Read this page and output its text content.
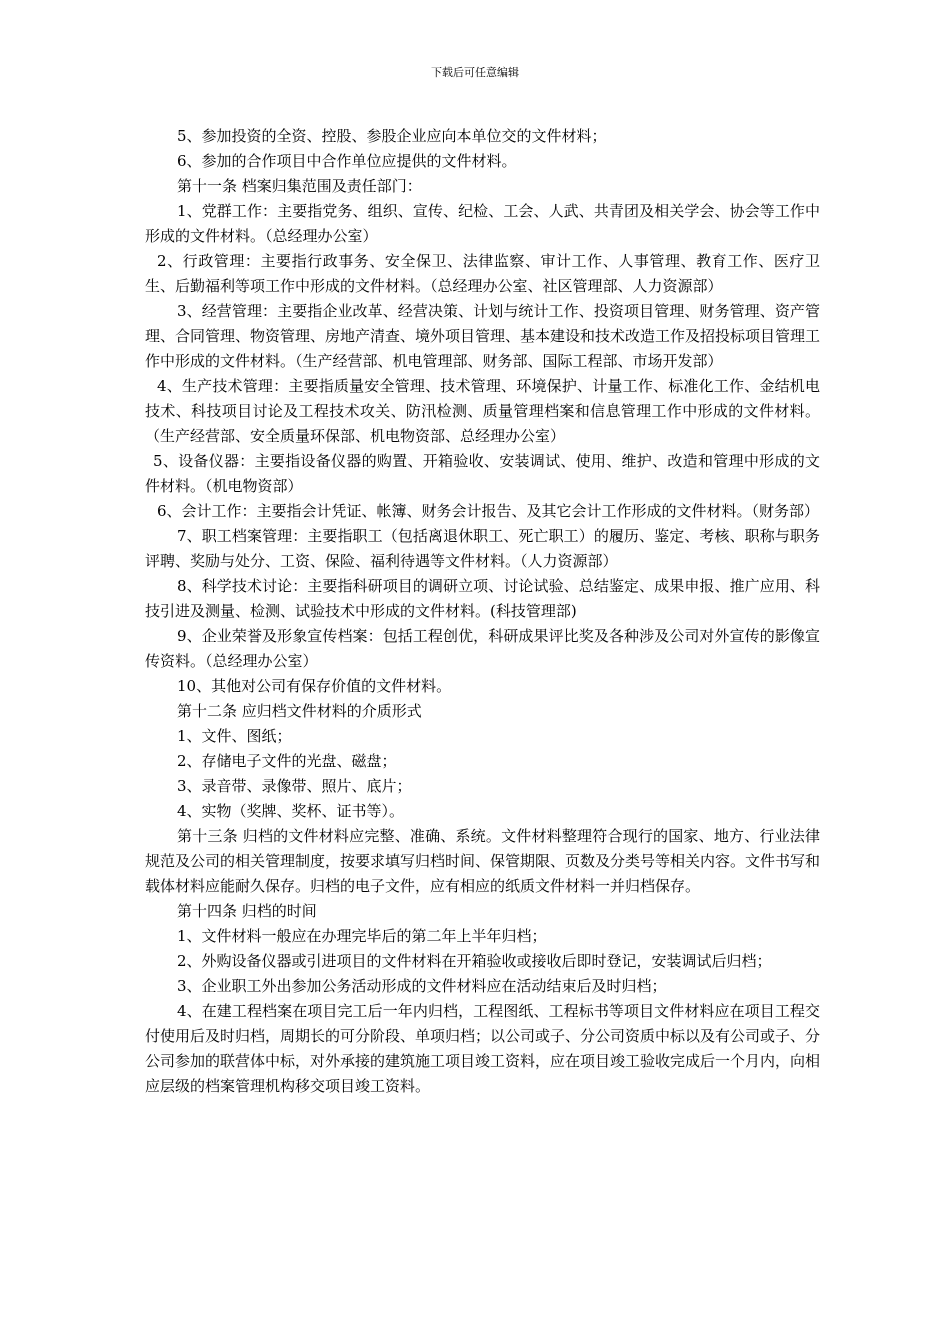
下载后可任意编辑

5、参加投资的全资、控股、参股企业应向本单位交的文件材料；

6、参加的合作项目中合作单位应提供的文件材料。

第十一条 档案归集范围及责任部门：

1、党群工作：主要指党务、组织、宣传、纪检、工会、人武、共青团及相关学会、协会等工作中形成的文件材料。（总经理办公室）

2、行政管理：主要指行政事务、安全保卫、法律监察、审计工作、人事管理、教育工作、医疗卫生、后勤福利等项工作中形成的文件材料。（总经理办公室、社区管理部、人力资源部）

3、经营管理：主要指企业改革、经营决策、计划与统计工作、投资项目管理、财务管理、资产管理、合同管理、物资管理、房地产清查、境外项目管理、基本建设和技术改造工作及招投标项目管理工作中形成的文件材料。（生产经营部、机电管理部、财务部、国际工程部、市场开发部）

4、生产技术管理：主要指质量安全管理、技术管理、环境保护、计量工作、标准化工作、金结机电技术、科技项目讨论及工程技术攻关、防汛检测、质量管理档案和信息管理工作中形成的文件材料。（生产经营部、安全质量环保部、机电物资部、总经理办公室）

5、设备仪器：主要指设备仪器的购置、开箱验收、安装调试、使用、维护、改造和管理中形成的文件材料。（机电物资部）

6、会计工作：主要指会计凭证、帐簿、财务会计报告、及其它会计工作形成的文件材料。（财务部）

7、职工档案管理：主要指职工（包括离退休职工、死亡职工）的履历、鉴定、考核、职称与职务评聘、奖励与处分、工资、保险、福利待遇等文件材料。（人力资源部）

8、科学技术讨论：主要指科研项目的调研立项、讨论试验、总结鉴定、成果申报、推广应用、科技引进及测量、检测、试验技术中形成的文件材料。(科技管理部)

9、企业荣誉及形象宣传档案：包括工程创优，科研成果评比奖及各种涉及公司对外宣传的影像宣传资料。（总经理办公室）

10、其他对公司有保存价值的文件材料。

第十二条 应归档文件材料的介质形式

1、文件、图纸；

2、存储电子文件的光盘、磁盘；

3、录音带、录像带、照片、底片；

4、实物（奖牌、奖杯、证书等）。

第十三条 归档的文件材料应完整、准确、系统。文件材料整理符合现行的国家、地方、行业法律规范及公司的相关管理制度，按要求填写归档时间、保管期限、页数及分类号等相关内容。文件书写和载体材料应能耐久保存。归档的电子文件，应有相应的纸质文件材料一并归档保存。

第十四条 归档的时间

1、文件材料一般应在办理完毕后的第二年上半年归档；

2、外购设备仪器或引进项目的文件材料在开箱验收或接收后即时登记，安装调试后归档；

3、企业职工外出参加公务活动形成的文件材料应在活动结束后及时归档；

4、在建工程档案在项目完工后一年内归档，工程图纸、工程标书等项目文件材料应在项目工程交付使用后及时归档，周期长的可分阶段、单项归档；以公司或子、分公司资质中标以及有公司或子、分公司参加的联营体中标，对外承接的建筑施工项目竣工资料，应在项目竣工验收完成后一个月内，向相应层级的档案管理机构移交项目竣工资料。
